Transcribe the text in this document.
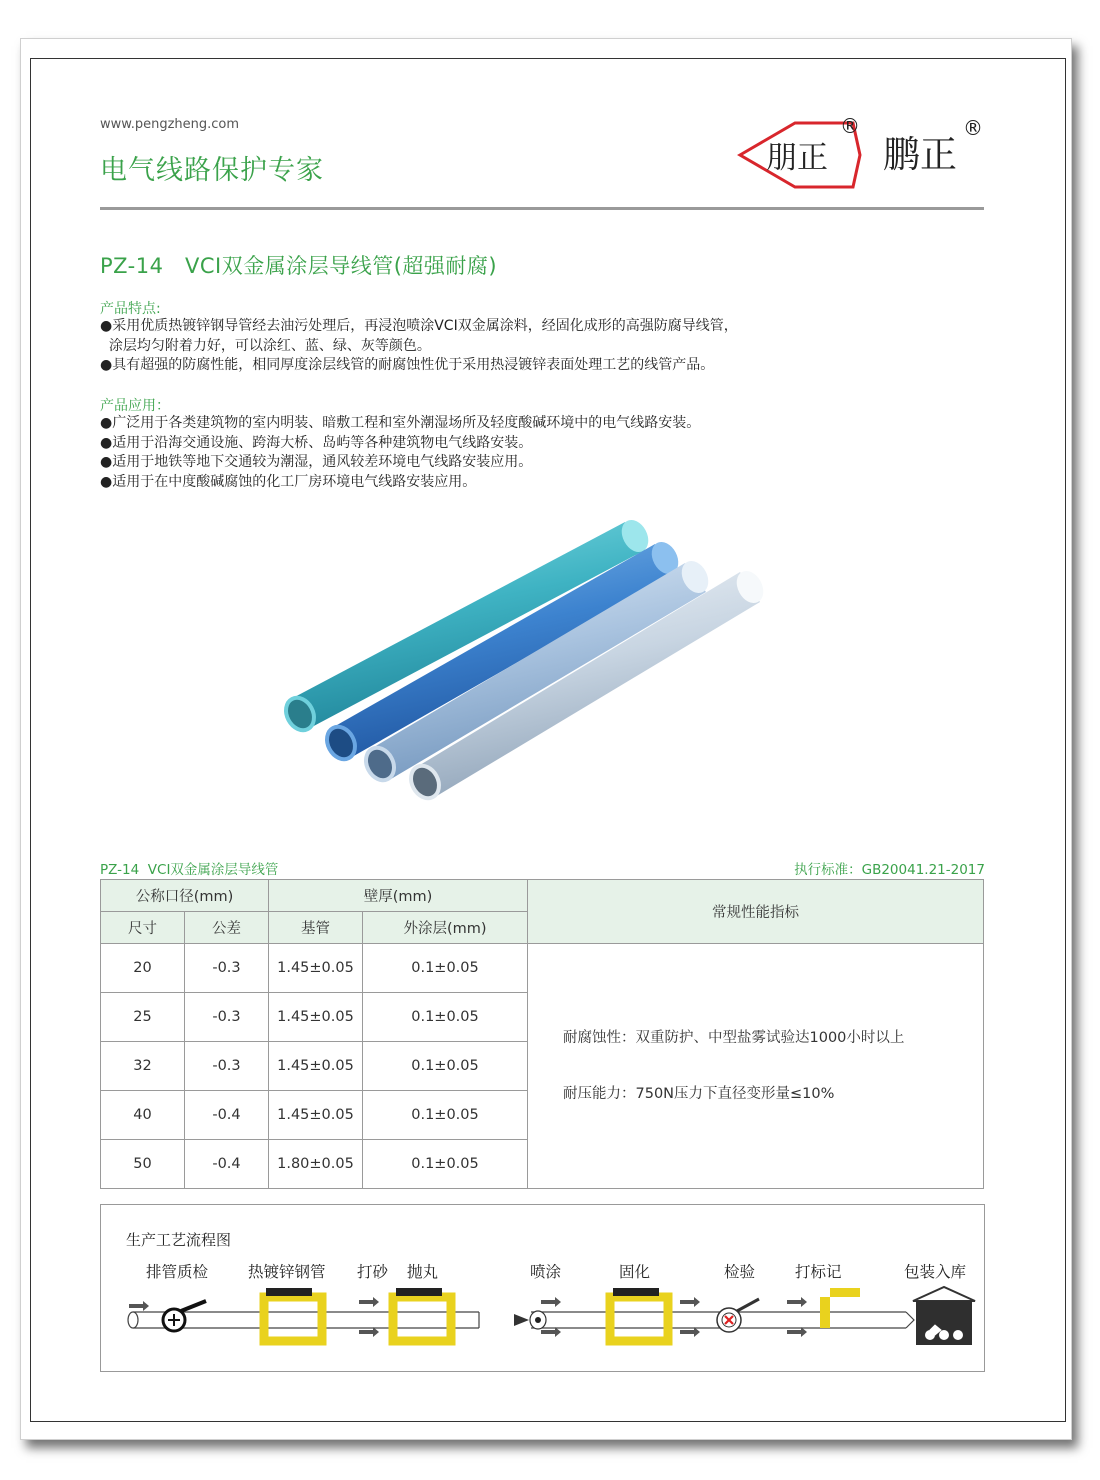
www.pengzheng.com
电气线路保护专家	朋正
®
鹏正
®
PZ-14   VCI双金属涂层导线管(超强耐腐)
产品特点:
●采用优质热镀锌钢导管经去油污处理后，再浸泡喷涂VCI双金属涂料，经固化成形的高强防腐导线管，
涂层均匀附着力好，可以涂红、蓝、绿、灰等颜色。
●具有超强的防腐性能，相同厚度涂层线管的耐腐蚀性优于采用热浸镀锌表面处理工艺的线管产品。
产品应用：
●广泛用于各类建筑物的室内明装、暗敷工程和室外潮湿场所及轻度酸碱环境中的电气线路安装。
●适用于沿海交通设施、跨海大桥、岛屿等各种建筑物电气线路安装。
●适用于地铁等地下交通较为潮湿，通风较差环境电气线路安装应用。
●适用于在中度酸碱腐蚀的化工厂房环境电气线路安装应用。
PZ-14  VCI双金属涂层导线管	执行标准：GB20041.21-2017
公称口径(mm)		壁厚(mm)		常规性能指标
尺寸	公差	基管	外涂层(mm)	
20	-0.3	1.45±0.05	0.1±0.05	耐腐蚀性：双重防护、中型盐雾试验达1000小时以上
耐压能力：750N压力下直径变形量≤10%

25	-0.3	1.45±0.05	0.1±0.05	
32	-0.3	1.45±0.05	0.1±0.05	
40	-0.4	1.45±0.05	0.1±0.05	
50	-0.4	1.80±0.05	0.1±0.05	
生产工艺流程图
排管质检	热镀锌钢管 打砂 抛丸	喷涂	固化	检验	打标记	包装入库
